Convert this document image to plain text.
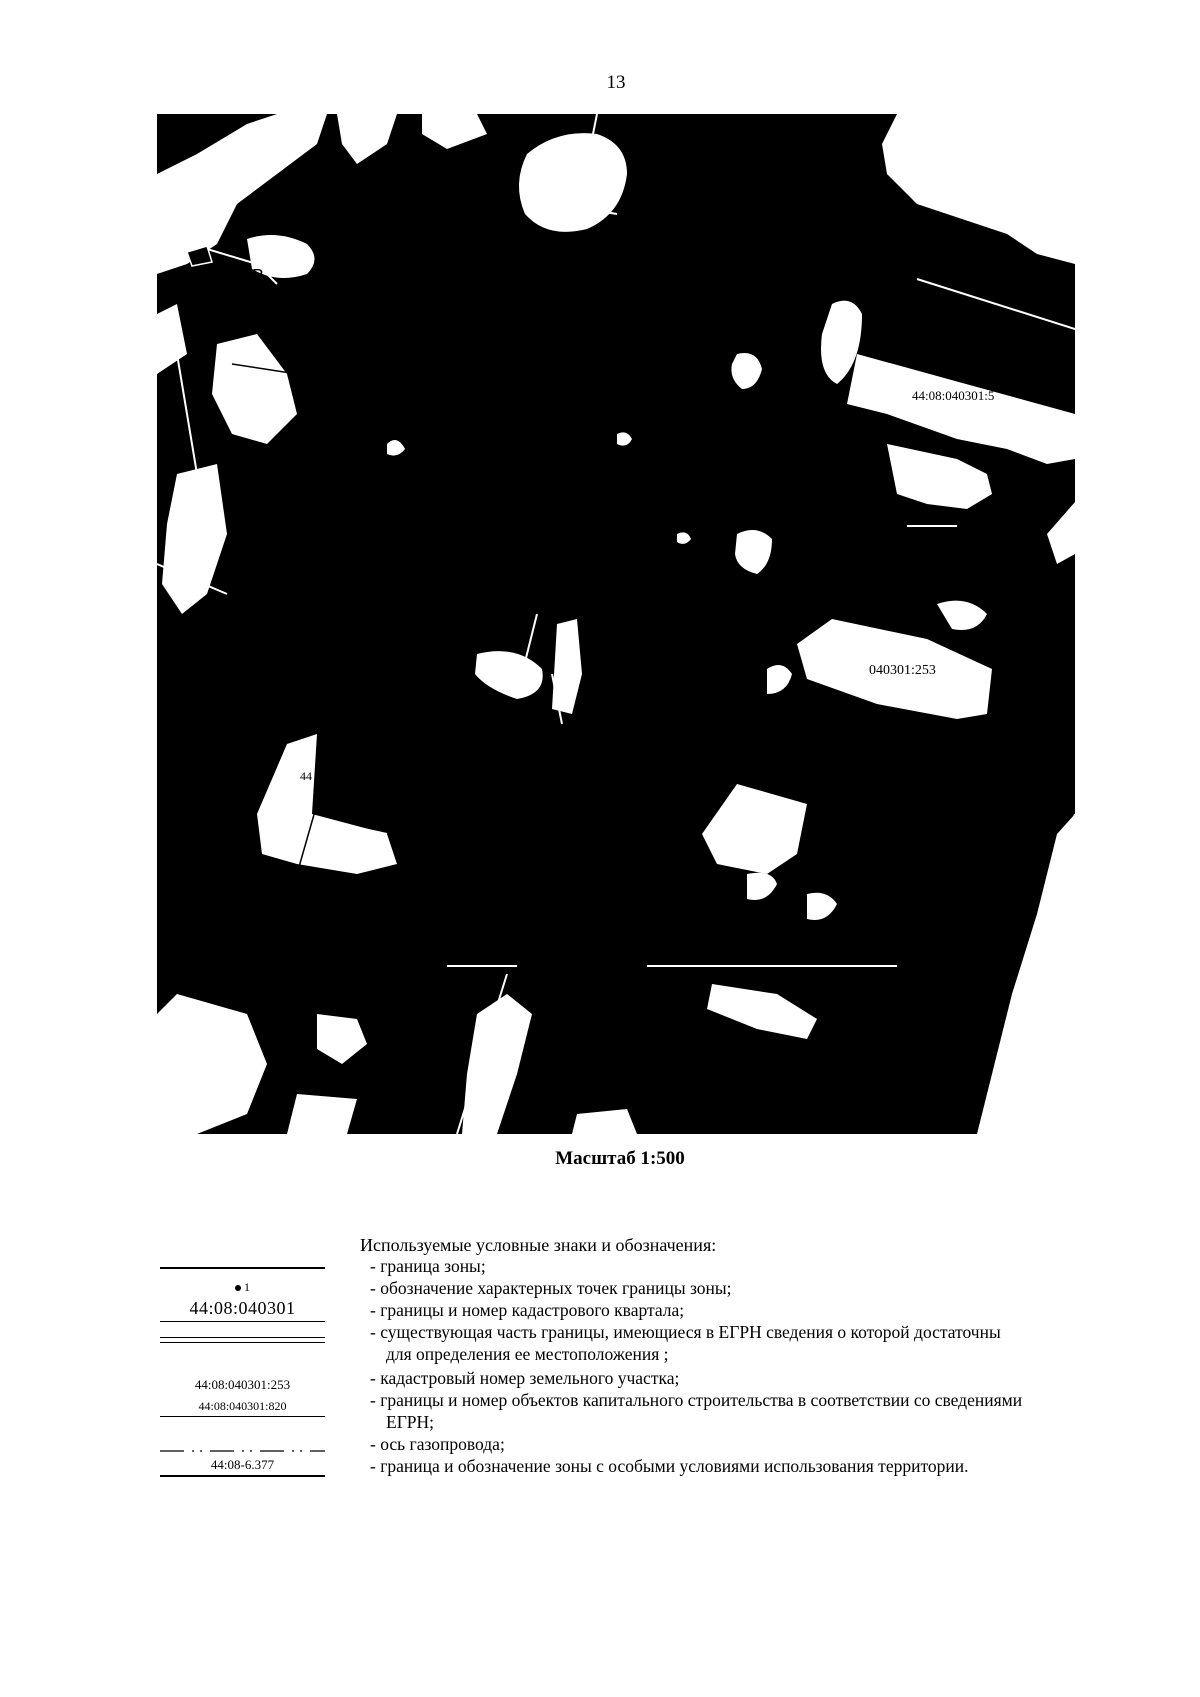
13
В
Г
44:08:040301:5
040301:253
44
Масштаб 1:500
Используемые условные знаки и обозначения:
1
44:08:040301
44:08:040301:253
44:08:040301:820
44:08-6.377
- граница зоны;
- обозначение характерных точек границы зоны;
- границы и номер кадастрового квартала;
- существующая часть границы, имеющиеся в ЕГРН сведения о которой достаточны
для определения ее местоположения ;
- кадастровый номер земельного участка;
- границы и номер объектов капитального строительства в соответствии со сведениями
ЕГРН;
- ось газопровода;
- граница и обозначение зоны с особыми условиями использования территории.
